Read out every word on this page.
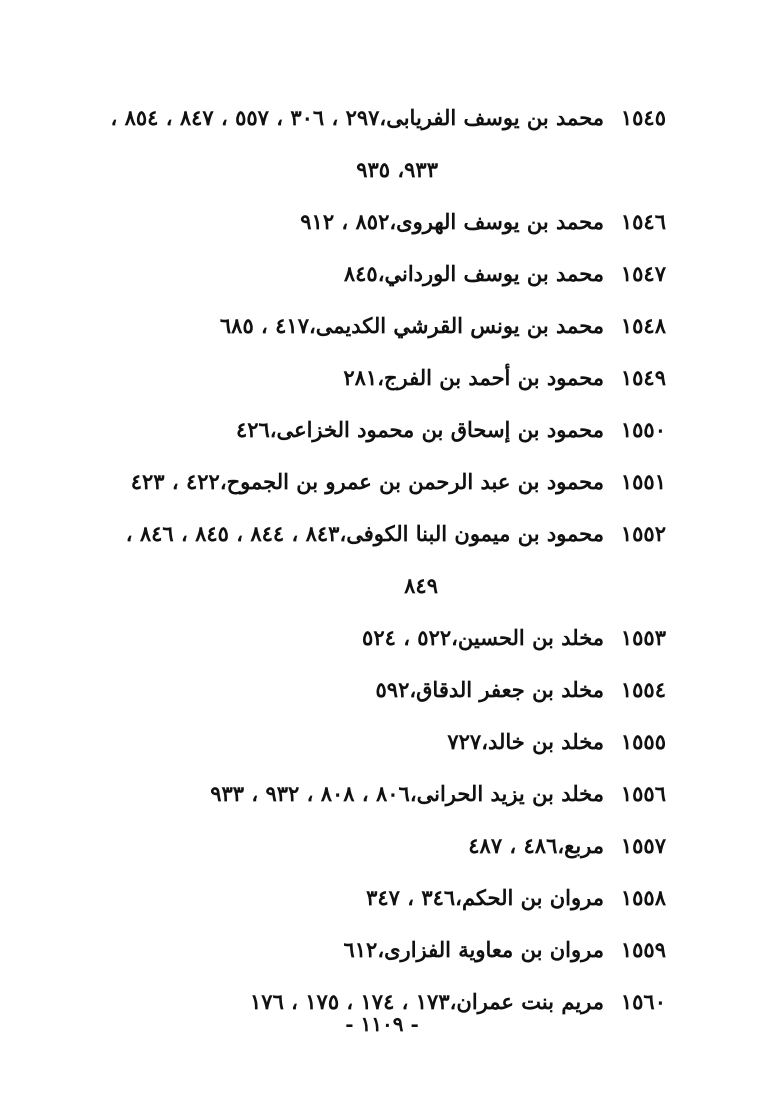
١٥٤٥محمد بن يوسف الفريابى،٢٩٧ ، ٣٠٦ ، ٥٥٧ ، ٨٤٧ ، ٨٥٤ ،
٩٣٣، ٩٣٥
١٥٤٦محمد بن يوسف الهروى،٨٥٢ ، ٩١٢
١٥٤٧محمد بن يوسف الورداني،٨٤٥
١٥٤٨محمد بن يونس القرشي الكديمى،٤١٧ ، ٦٨٥
١٥٤٩محمود بن أحمد بن الفرج،٢٨١
١٥٥٠محمود بن إسحاق بن محمود الخزاعى،٤٢٦
١٥٥١محمود بن عبد الرحمن بن عمرو بن الجموح،٤٢٢ ، ٤٢٣
١٥٥٢محمود بن ميمون البنا الكوفى،٨٤٣ ، ٨٤٤ ، ٨٤٥ ، ٨٤٦ ،
٨٤٩
١٥٥٣مخلد بن الحسين،٥٢٢ ، ٥٢٤
١٥٥٤مخلد بن جعفر الدقاق،٥٩٢
١٥٥٥مخلد بن خالد،٧٢٧
١٥٥٦مخلد بن يزيد الحرانى،٨٠٦ ، ٨٠٨ ، ٩٣٢ ، ٩٣٣
١٥٥٧مربع،٤٨٦ ، ٤٨٧
١٥٥٨مروان بن الحكم،٣٤٦ ، ٣٤٧
١٥٥٩مروان بن معاوية الفزارى،٦١٢
١٥٦٠مريم بنت عمران،١٧٣ ، ١٧٤ ، ١٧٥ ، ١٧٦
- ١١٠٩ -
